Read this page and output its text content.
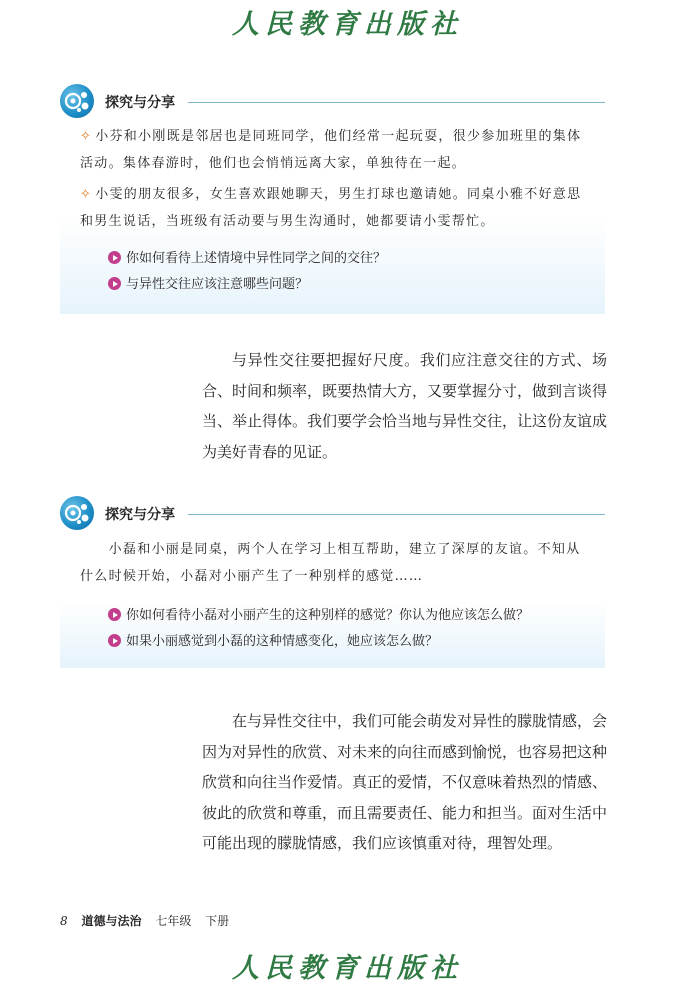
人民教育出版社
探究与分享
✧ 小芬和小刚既是邻居也是同班同学，他们经常一起玩耍，很少参加班里的集体活动。集体春游时，他们也会悄悄远离大家，单独待在一起。
✧ 小雯的朋友很多，女生喜欢跟她聊天，男生打球也邀请她。同桌小雅不好意思和男生说话，当班级有活动要与男生沟通时，她都要请小雯帮忙。
你如何看待上述情境中异性同学之间的交往？
与异性交往应该注意哪些问题？

与异性交往要把握好尺度。我们应注意交往的方式、场合、时间和频率，既要热情大方，又要掌握分寸，做到言谈得当、举止得体。我们要学会恰当地与异性交往，让这份友谊成为美好青春的见证。

探究与分享
小磊和小丽是同桌，两个人在学习上相互帮助，建立了深厚的友谊。不知从什么时候开始，小磊对小丽产生了一种别样的感觉……
你如何看待小磊对小丽产生的这种别样的感觉？你认为他应该怎么做？
如果小丽感觉到小磊的这种情感变化，她应该怎么做？

在与异性交往中，我们可能会萌发对异性的朦胧情感，会因为对异性的欣赏、对未来的向往而感到愉悦，也容易把这种欣赏和向往当作爱情。真正的爱情，不仅意味着热烈的情感、彼此的欣赏和尊重，而且需要责任、能力和担当。面对生活中可能出现的朦胧情感，我们应该慎重对待，理智处理。

8 道德与法治 七年级 下册
人民教育出版社
